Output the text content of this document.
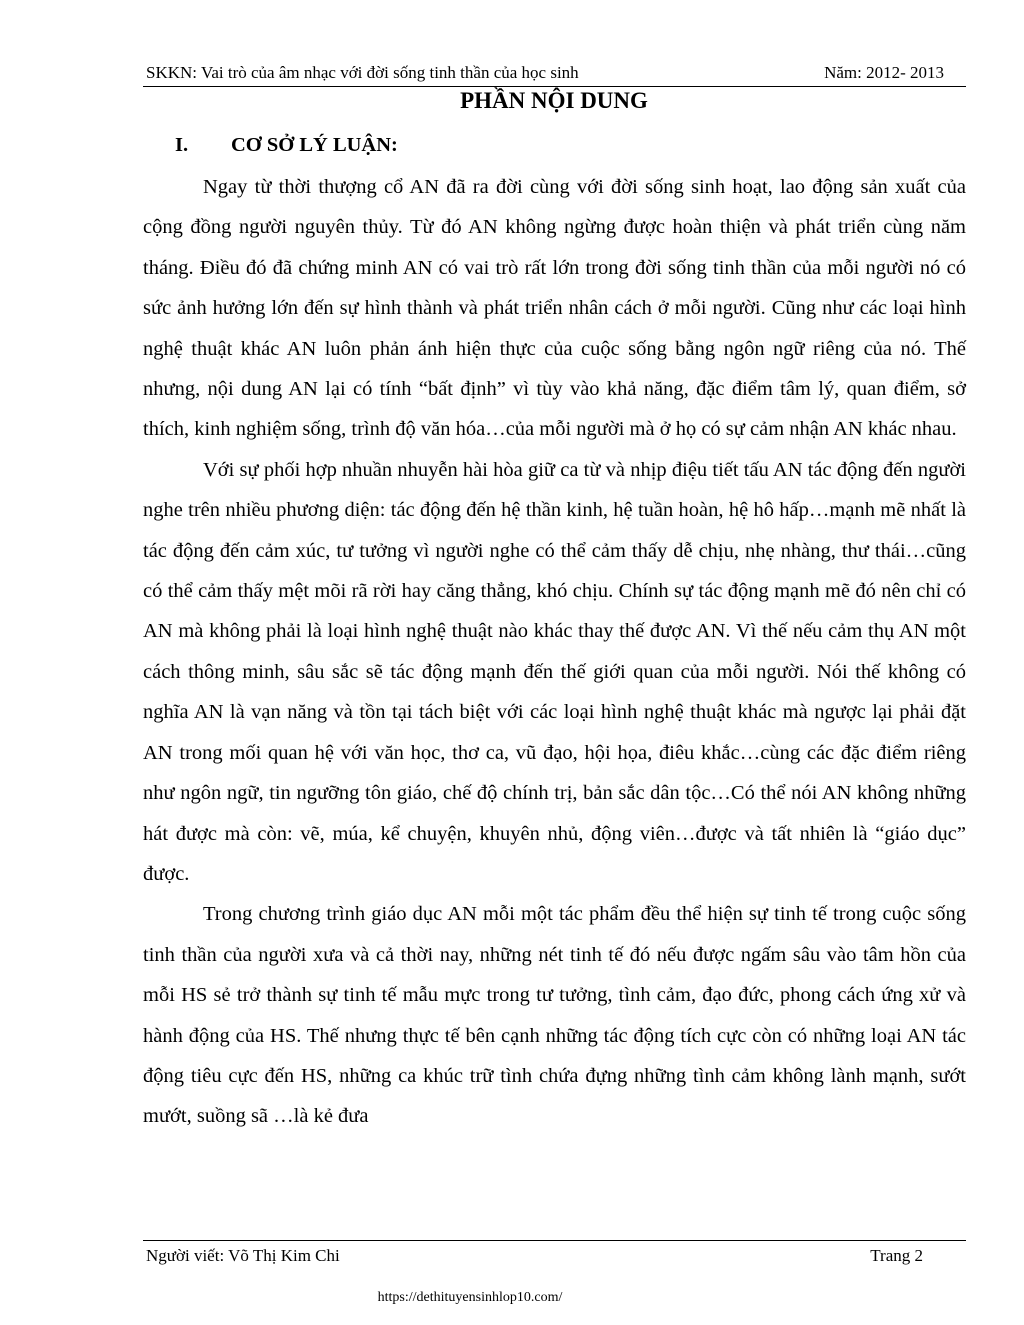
SKKN: Vai trò của âm nhạc với đời sống tinh thần của học sinh	Năm: 2012- 2013
PHẦN NỘI DUNG
I. CƠ SỞ LÝ LUẬN:

Ngay từ thời thượng cổ AN đã ra đời cùng với đời sống sinh hoạt, lao động sản xuất của cộng đồng người nguyên thủy. Từ đó AN không ngừng được hoàn thiện và phát triển cùng năm tháng. Điều đó đã chứng minh AN có vai trò rất lớn trong đời sống tinh thần của mỗi người nó có sức ảnh hưởng lớn đến sự hình thành và phát triển nhân cách ở mỗi người. Cũng như các loại hình nghệ thuật khác AN luôn phản ánh hiện thực của cuộc sống bằng ngôn ngữ riêng của nó. Thế nhưng, nội dung AN lại có tính “bất định” vì tùy vào khả năng, đặc điểm tâm lý, quan điểm, sở thích, kinh nghiệm sống, trình độ văn hóa…của mỗi người mà ở họ có sự cảm nhận AN khác nhau.

Với sự phối hợp nhuần nhuyễn hài hòa giữ ca từ và nhịp điệu tiết tấu AN tác động đến người nghe trên nhiều phương diện: tác động đến hệ thần kinh, hệ tuần hoàn, hệ hô hấp…mạnh mẽ nhất là tác động đến cảm xúc, tư tưởng vì người nghe có thể cảm thấy dễ chịu, nhẹ nhàng, thư thái…cũng có thể cảm thấy mệt mõi rã rời hay căng thẳng, khó chịu. Chính sự tác động mạnh mẽ đó nên chỉ có AN mà không phải là loại hình nghệ thuật nào khác thay thế được AN. Vì thế nếu cảm thụ AN một cách thông minh, sâu sắc sẽ tác động mạnh đến thế giới quan của mỗi người. Nói thế không có nghĩa AN là vạn năng và tồn tại tách biệt với các loại hình nghệ thuật khác mà ngược lại phải đặt AN trong mối quan hệ với văn học, thơ ca, vũ đạo, hội họa, điêu khắc…cùng các đặc điểm riêng như ngôn ngữ, tin ngưỡng tôn giáo, chế độ chính trị, bản sắc dân tộc…Có thể nói AN không những hát được mà còn: vẽ, múa, kể chuyện, khuyên nhủ, động viên…được và tất nhiên là “giáo dục” được.

Trong chương trình giáo dục AN mỗi một tác phẩm đều thể hiện sự tinh tế trong cuộc sống tinh thần của người xưa và cả thời nay, những nét tinh tế đó nếu được ngấm sâu vào tâm hồn của mỗi HS sẻ trở thành sự tinh tế mẫu mực trong tư tưởng, tình cảm, đạo đức, phong cách ứng xử và hành động của HS. Thế nhưng thực tế bên cạnh những tác động tích cực còn có những loại AN tác động tiêu cực đến HS, những ca khúc trữ tình chứa đựng những tình cảm không lành mạnh, sướt mướt, suồng sã …là kẻ đưa

Người viết: Võ Thị Kim Chi	Trang 2
https://dethituyensinhlop10.com/
